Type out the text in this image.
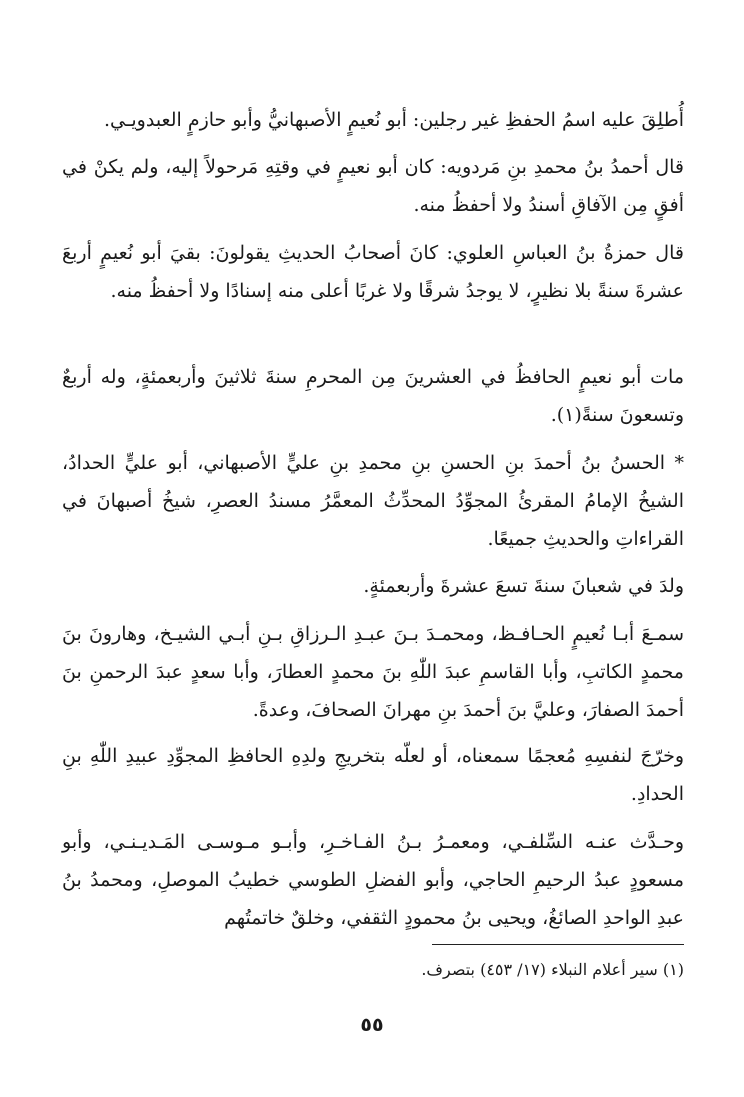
أُطلِقَ عليه اسمُ الحفظِ غير رجلين: أبو نُعيمٍ الأصبهانيُّ وأبو حازمٍ العبدويـي.

قال أحمدُ بنُ محمدِ بنِ مَردويه: كان أبو نعيمٍ في وقتِهِ مَرحولاً إليه، ولم يكنْ في أفقٍ مِن الآفاقِ أسندُ ولا أحفظُ منه.

قال حمزةُ بنُ العباسِ العلوي: كانَ أصحابُ الحديثِ يقولونَ: بقيَ أبو نُعيمٍ أربعَ عشرةَ سنةً بلا نظيرٍ، لا يوجدُ شرقًا ولا غربًا أعلى منه إسنادًا ولا أحفظُ منه.

مات أبو نعيمٍ الحافظُ في العشرينَ مِن المحرمِ سنةَ ثلاثينَ وأربعمئةٍ، وله أربعٌ وتسعونَ سنةً(١).

* الحسنُ بنُ أحمدَ بنِ الحسنِ بنِ محمدِ بنِ عليٍّ الأصبهاني، أبو عليٍّ الحدادُ، الشيخُ الإمامُ المقرئُ المجوِّدُ المحدِّثُ المعمَّرُ مسندُ العصرِ، شيخُ أصبهانَ في القراءاتِ والحديثِ جميعًا.

ولدَ في شعبانَ سنةَ تسعَ عشرةَ وأربعمئةٍ.

سمـعَ أبـا نُعيمٍ الحـافـظ، ومحمـدَ بـنَ عبـدِ الـرزاقِ بـنِ أبـي الشيـخ، وهارونَ بنَ محمدٍ الكاتبِ، وأبا القاسمِ عبدَ اللّٰهِ بنَ محمدٍ العطارَ، وأبا سعدٍ عبدَ الرحمنِ بنَ أحمدَ الصفارَ، وعليَّ بنَ أحمدَ بنِ مهرانَ الصحافَ، وعدةً.

وخرّجَ لنفسِهِ مُعجمًا سمعناه، أو لعلّه بتخريجِ ولدِهِ الحافظِ المجوِّدِ عبيدِ اللّٰهِ بنِ الحدادِ.

وحـدَّث عنـه السِّلفـي، ومعمـرُ بـنُ الفـاخـرِ، وأبـو مـوسـى المَـديـنـي، وأبو مسعودٍ عبدُ الرحيمِ الحاجي، وأبو الفضلِ الطوسي خطيبُ الموصلِ، ومحمدُ بنُ عبدِ الواحدِ الصائغُ، ويحيى بنُ محمودٍ الثقفي، وخلقٌ خاتمتُهم

(١) سير أعلام النبلاء (١٧/ ٤٥٣) بتصرف.
٥٥
